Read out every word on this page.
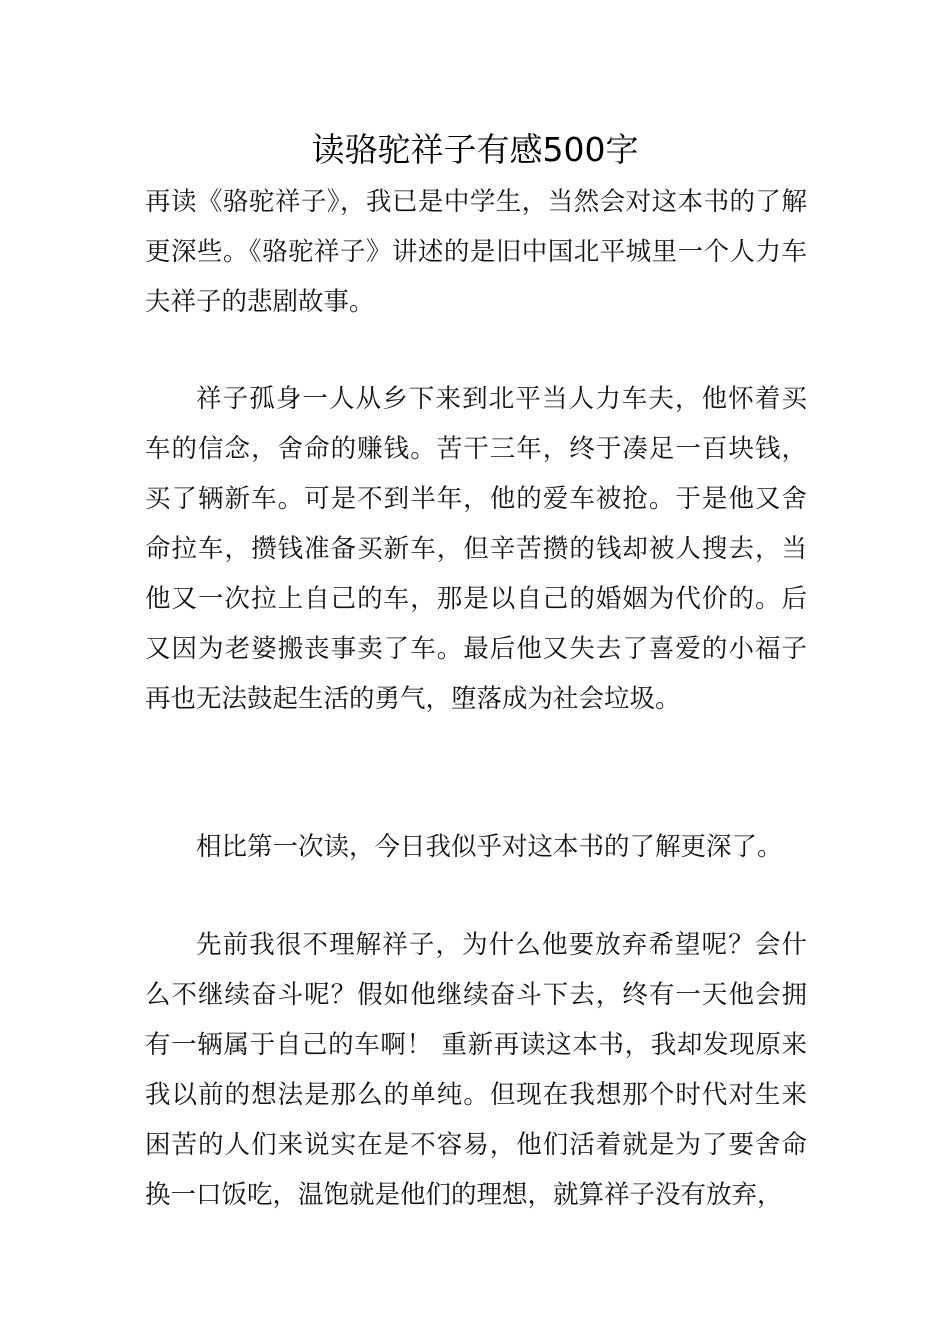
读骆驼祥子有感500字

再读《骆驼祥子》，我已是中学生，当然会对这本书的了解更深些。《骆驼祥子》讲述的是旧中国北平城里一个人力车夫祥子的悲剧故事。

祥子孤身一人从乡下来到北平当人力车夫，他怀着买车的信念，舍命的赚钱。苦干三年，终于凑足一百块钱，买了辆新车。可是不到半年，他的爱车被抢。于是他又舍命拉车，攒钱准备买新车，但辛苦攒的钱却被人搜去，当他又一次拉上自己的车，那是以自己的婚姻为代价的。后又因为老婆搬丧事卖了车。最后他又失去了喜爱的小福子再也无法鼓起生活的勇气，堕落成为社会垃圾。

相比第一次读，今日我似乎对这本书的了解更深了。

先前我很不理解祥子，为什么他要放弃希望呢？会什么不继续奋斗呢？假如他继续奋斗下去，终有一天他会拥有一辆属于自己的车啊！ 重新再读这本书，我却发现原来我以前的想法是那么的单纯。但现在我想那个时代对生来困苦的人们来说实在是不容易，他们活着就是为了要舍命换一口饭吃，温饱就是他们的理想，就算祥子没有放弃，
